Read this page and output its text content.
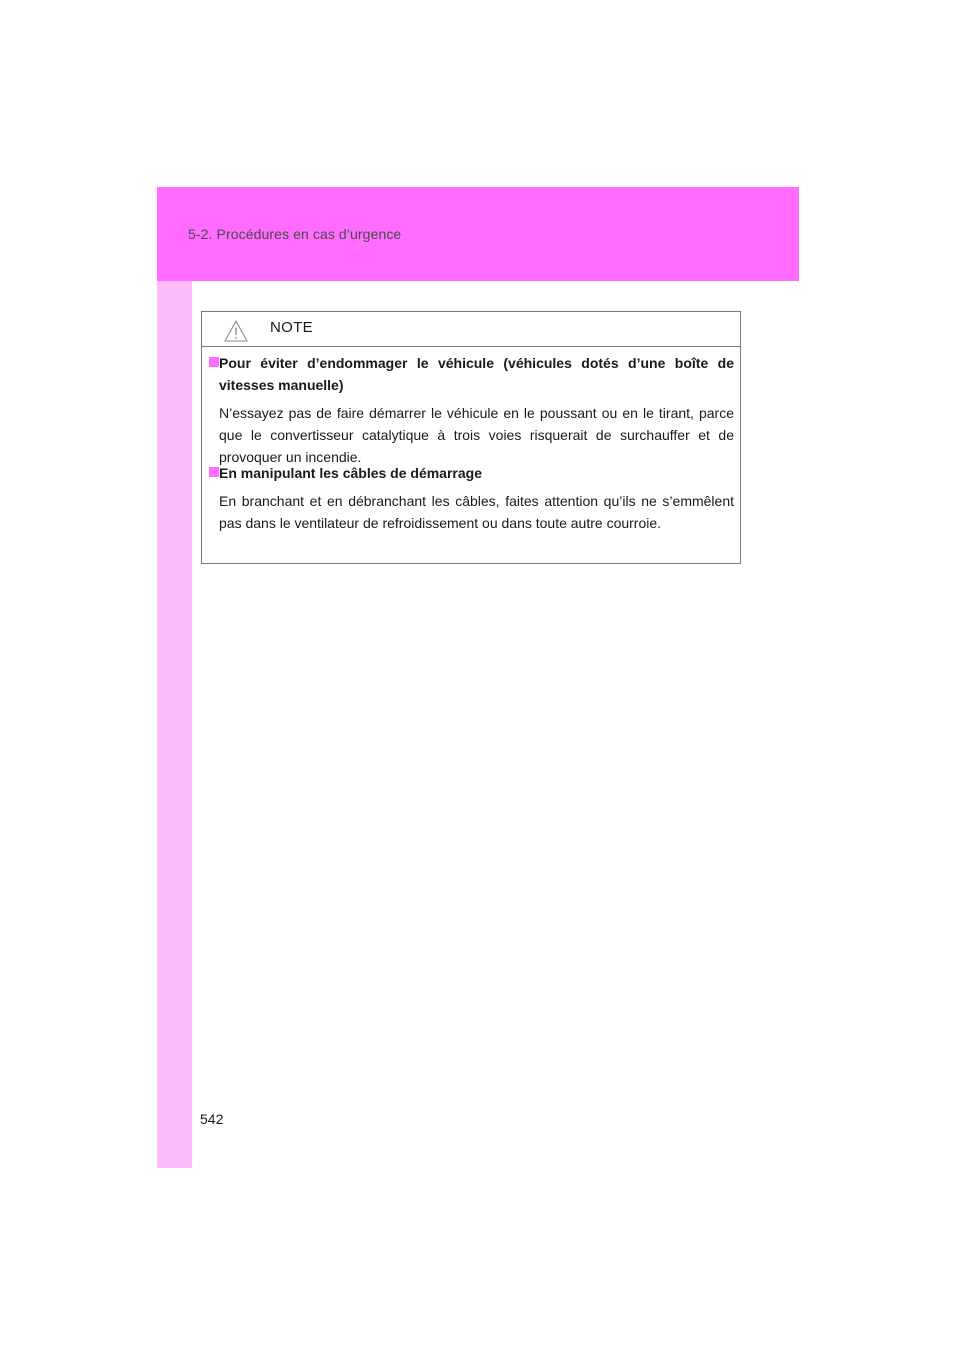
5-2. Procédures en cas d’urgence
NOTE
Pour éviter d’endommager le véhicule (véhicules dotés d’une boîte de vitesses manuelle)
N’essayez pas de faire démarrer le véhicule en le poussant ou en le tirant, parce que le convertisseur catalytique à trois voies risquerait de surchauffer et de provoquer un incendie.
En manipulant les câbles de démarrage
En branchant et en débranchant les câbles, faites attention qu’ils ne s’emmêlent pas dans le ventilateur de refroidissement ou dans toute autre courroie.
542
